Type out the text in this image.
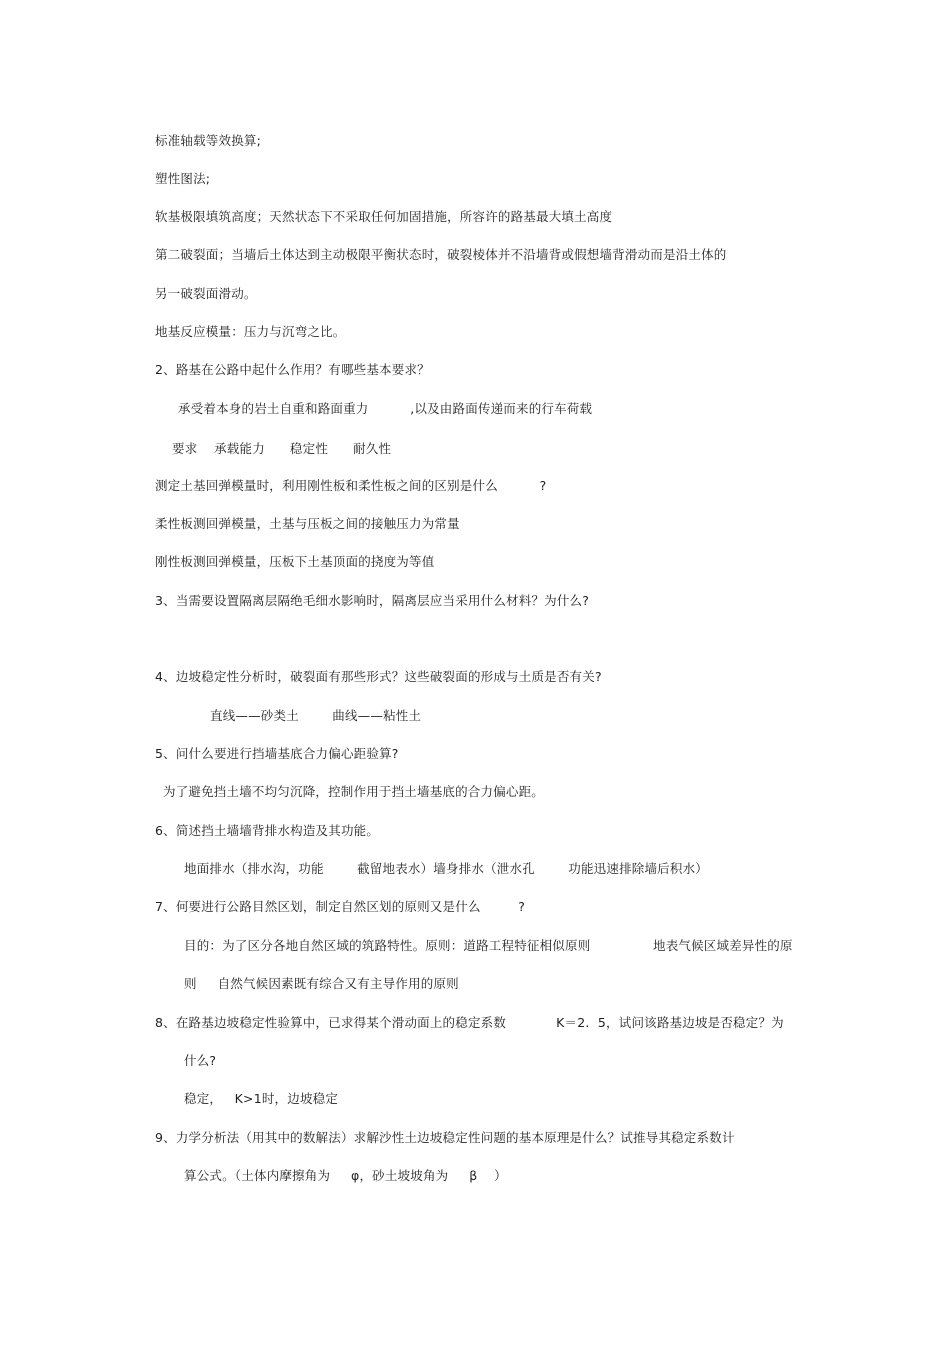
标准轴载等效换算;
塑性图法;
软基极限填筑高度；天然状态下不采取任何加固措施，所容许的路基最大填土高度
第二破裂面；当墙后土体达到主动极限平衡状态时，破裂棱体并不沿墙背或假想墙背滑动而是沿土体的
另一破裂面滑动。
地基反应模量：压力与沉弯之比。
2、路基在公路中起什么作用？有哪些基本要求？
承受着本身的岩土自重和路面重力          ,以及由路面传递而来的行车荷载
要求    承载能力      稳定性      耐久性
测定土基回弹模量时，利用刚性板和柔性板之间的区别是什么          ?
柔性板测回弹模量，土基与压板之间的接触压力为常量
刚性板测回弹模量，压板下土基顶面的挠度为等值
3、当需要设置隔离层隔绝毛细水影响时，隔离层应当采用什么材料？为什么?
4、边坡稳定性分析时，破裂面有那些形式？这些破裂面的形成与土质是否有关?
直线——砂类土        曲线——粘性土
5、问什么要进行挡墙基底合力偏心距验算?
为了避免挡土墙不均匀沉降，控制作用于挡土墙基底的合力偏心距。
6、简述挡土墙墙背排水构造及其功能。
地面排水（排水沟，功能        截留地表水）墙身排水（泄水孔        功能迅速排除墙后积水）
7、何要进行公路目然区划，制定自然区划的原则又是什么         ?
目的：为了区分各地自然区域的筑路特性。原则：道路工程特征相似原则               地表气候区域差异性的原
则     自然气候因素既有综合又有主导作用的原则
8、在路基边坡稳定性验算中，已求得某个滑动面上的稳定系数            K＝2.  5，试问该路基边坡是否稳定？为
什么?
稳定，   K>1时，边坡稳定
9、力学分析法（用其中的数解法）求解沙性土边坡稳定性问题的基本原理是什么？试推导其稳定系数计
算公式。（土体内摩擦角为     φ，砂土坡坡角为     β    ）
